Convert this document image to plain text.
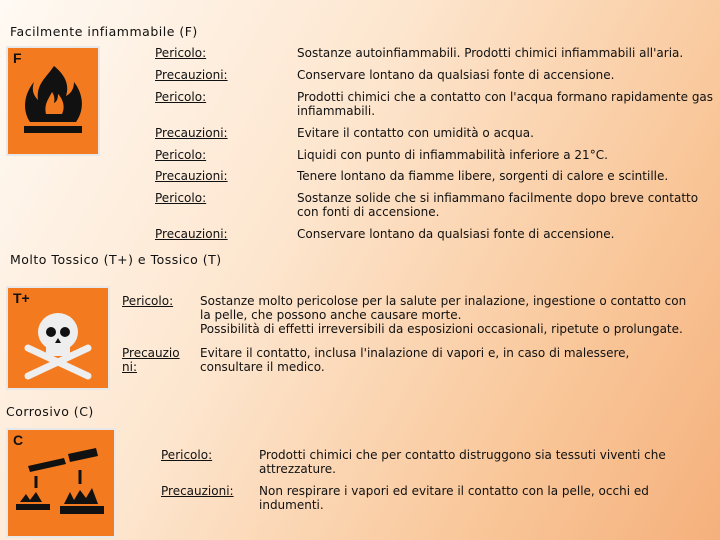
Facilmente infiammabile (F)
F	Pericolo:	Sostanze autoinfiammabili. Prodotti chimici infiammabili all'aria.
Precauzioni:	Conservare lontano da qualsiasi fonte di accensione.
Pericolo:	Prodotti chimici che a contatto con l'acqua formano rapidamente gas infiammabili.
Precauzioni:	Evitare il contatto con umidità o acqua.
Pericolo:	Liquidi con punto di infiammabilità inferiore a 21°C.
Precauzioni:	Tenere lontano da fiamme libere, sorgenti di calore e scintille.
Pericolo:	Sostanze solide che si infiammano facilmente dopo breve contatto con fonti di accensione.
Precauzioni:	Conservare lontano da qualsiasi fonte di accensione.
Molto Tossico (T+) e Tossico (T)
T+	Pericolo: Sostanze molto pericolose per la salute per inalazione, ingestione o contatto con la pelle, che possono anche causare morte.
Possibilità di effetti irreversibili da esposizioni occasionali, ripetute o prolungate.
Precauzio ni:
Evitare il contatto, inclusa l'inalazione di vapori e, in caso di malessere, consultare il medico.
Corrosivo (C)
C
Pericolo:	Prodotti chimici che per contatto distruggono sia tessuti viventi che attrezzature.
Precauzioni: Non respirare i vapori ed evitare il contatto con la pelle, occhi ed indumenti.
